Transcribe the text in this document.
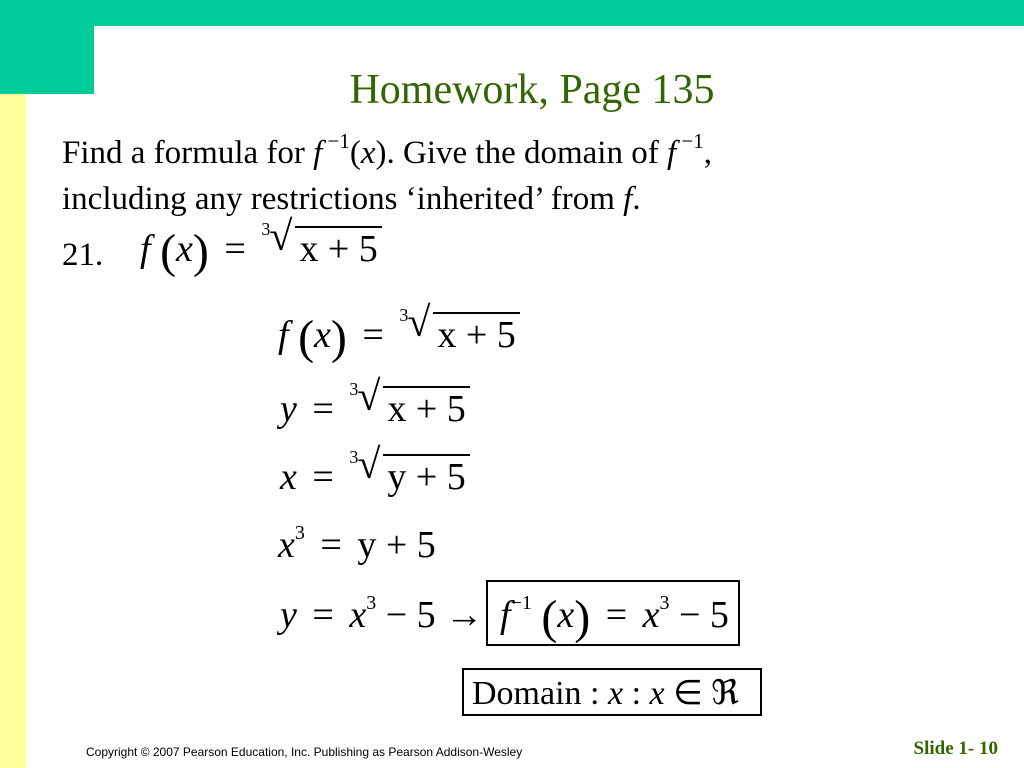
Homework, Page 135
Find a formula for f $^{-1}$(x). Give the domain of f $^{-1}$,
including any restrictions ‘inherited’ from f.
21. f (x) = 3 √ x + 5
f (x) = 3 √ x + 5
y = 3 √ x + 5
x = 3 √ y + 5
$x^3 = y + 5$
$y = x^3 - 5 \to f^{-1}$ $(x) = x^3 - 5$
Domain : x : x ∈ ℜ
Copyright © 2007 Pearson Education, Inc. Publishing as Pearson Addison-Wesley	Slide 1- 10
